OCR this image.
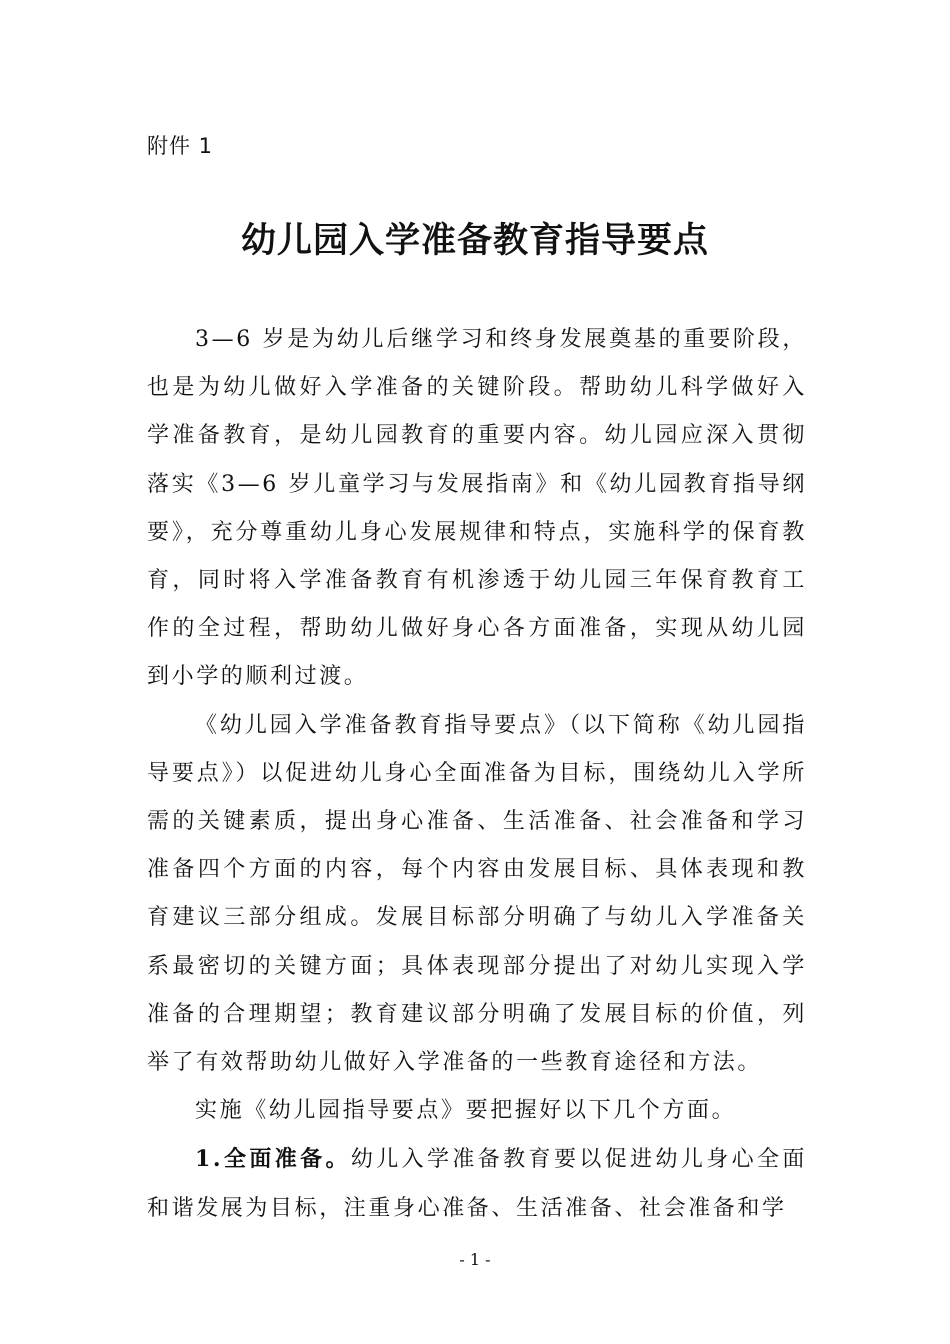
附件 1
幼儿园入学准备教育指导要点

3—6 岁是为幼儿后继学习和终身发展奠基的重要阶段，也是为幼儿做好入学准备的关键阶段。帮助幼儿科学做好入学准备教育，是幼儿园教育的重要内容。幼儿园应深入贯彻落实《3—6 岁儿童学习与发展指南》和《幼儿园教育指导纲要》，充分尊重幼儿身心发展规律和特点，实施科学的保育教育，同时将入学准备教育有机渗透于幼儿园三年保育教育工作的全过程，帮助幼儿做好身心各方面准备，实现从幼儿园到小学的顺利过渡。

《幼儿园入学准备教育指导要点》（以下简称《幼儿园指导要点》）以促进幼儿身心全面准备为目标，围绕幼儿入学所需的关键素质，提出身心准备、生活准备、社会准备和学习准备四个方面的内容，每个内容由发展目标、具体表现和教育建议三部分组成。发展目标部分明确了与幼儿入学准备关系最密切的关键方面；具体表现部分提出了对幼儿实现入学准备的合理期望；教育建议部分明确了发展目标的价值，列举了有效帮助幼儿做好入学准备的一些教育途径和方法。

实施《幼儿园指导要点》要把握好以下几个方面。

1.全面准备。幼儿入学准备教育要以促进幼儿身心全面和谐发展为目标，注重身心准备、生活准备、社会准备和学

- 1 -
